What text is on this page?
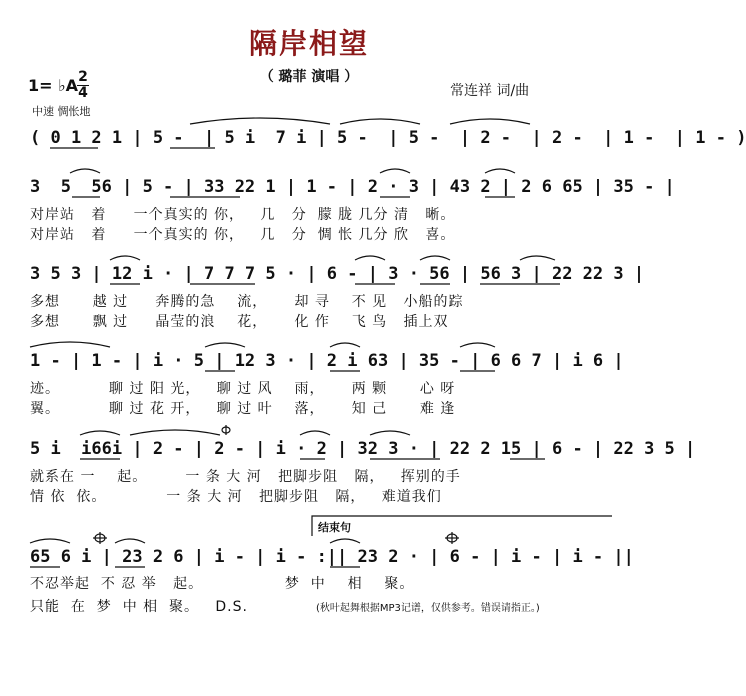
隔岸相望
（ 璐菲 演唱 ）
1= ♭A 2
4
中速 惆怅地
常连祥 词/曲
( 0 1 2 1 | 5 -  | 5 i  7 i | 5 -  | 5 -  | 2 -  | 2 -  | 1 -  | 1 - )
3  5  56 | 5 - | 33 22 1 | 1 - | 2 · 3 | 43 2 | 2 6 65 | 35 - |
对岸站   着     一个真实的 你，   几   分  朦 胧 几分 清   晰。
对岸站   着     一个真实的 你，   几   分  惆 怅 几分 欣   喜。
3 5 3 | 12 i · | 7 7 7 5 · | 6 - | 3 · 56 | 56 3 | 22 22 3 |
多想      越 过     奔腾的急    流，     却 寻    不 见   小船的踪
多想      飘 过     晶莹的浪    花，     化 作    飞 鸟   插上双
1 - | 1 - | i · 5 | 12 3 · | 2 i 63 | 35 - | 6 6 7 | i 6 |
迹。         聊 过 阳 光，   聊 过 风    雨，     两 颗      心 呀
翼。         聊 过 花 开，   聊 过 叶    落，     知 己      难 逢
5 i  i66i | 2 - | 2 - | i · 2 | 32 3 · | 22 2 15 | 6 - | 22 3 5 |
就系在 一    起。       一 条 大 河   把脚步阻   隔，   挥别的手
情 依  依。           一 条 大 河   把脚步阻   隔，   难道我们
结束句
65 6 i | 23 2 6 | i - | i - :|| 23 2 · | 6 - | i - | i - ||
不忍举起  不 忍 举   起。               梦  中    相    聚。
只能  在  梦  中 相  聚。   D.S.	(秋叶起舞根据MP3记谱，仅供参考。错误请指正。)
